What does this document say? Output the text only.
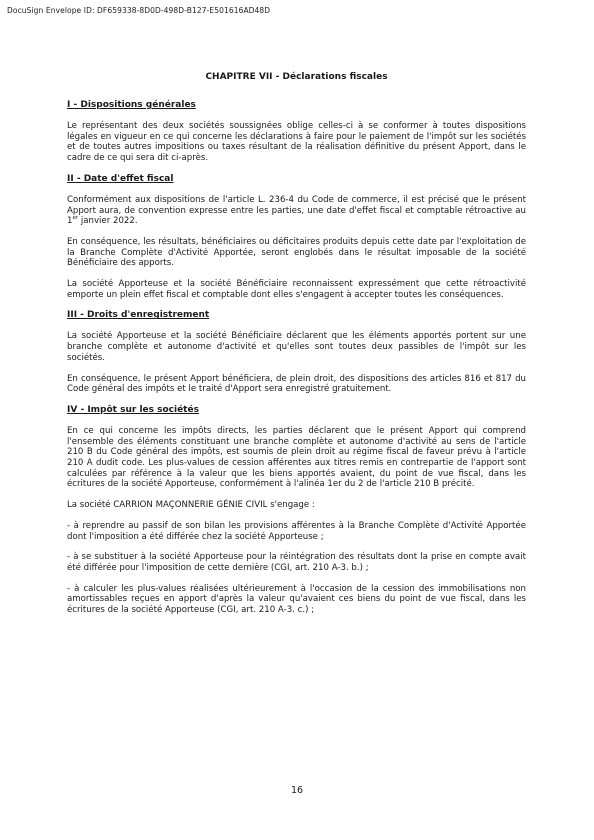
DocuSign Envelope ID: DF659338-8D0D-498D-B127-E501616AD48D
CHAPITRE VII - Déclarations fiscales
I - Dispositions générales

Le représentant des deux sociétés soussignées oblige celles-ci à se conformer à toutes dispositions légales en vigueur en ce qui concerne les déclarations à faire pour le paiement de l'impôt sur les sociétés et de toutes autres impositions ou taxes résultant de la réalisation définitive du présent Apport, dans le cadre de ce qui sera dit ci-après.

II - Date d'effet fiscal

Conformément aux dispositions de l'article L. 236-4 du Code de commerce, il est précisé que le présent Apport aura, de convention expresse entre les parties, une date d'effet fiscal et comptable rétroactive au 1er janvier 2022.

En conséquence, les résultats, bénéficiaires ou déficitaires produits depuis cette date par l'exploitation de la Branche Complète d'Activité Apportée, seront englobés dans le résultat imposable de la société Bénéficiaire des apports.

La société Apporteuse et la société Bénéficiaire reconnaissent expressément que cette rétroactivité emporte un plein effet fiscal et comptable dont elles s'engagent à accepter toutes les conséquences.

III - Droits d'enregistrement

La société Apporteuse et la société Bénéficiaire déclarent que les éléments apportés portent sur une branche complète et autonome d'activité et qu'elles sont toutes deux passibles de l'impôt sur les sociétés.

En conséquence, le présent Apport bénéficiera, de plein droit, des dispositions des articles 816 et 817 du Code général des impôts et le traité d'Apport sera enregistré gratuitement.

IV - Impôt sur les sociétés

En ce qui concerne les impôts directs, les parties déclarent que le présent Apport qui comprend l'ensemble des éléments constituant une branche complète et autonome d'activité au sens de l'article 210 B du Code général des impôts, est soumis de plein droit au régime fiscal de faveur prévu à l'article 210 A dudit code. Les plus-values de cession afférentes aux titres remis en contrepartie de l'apport sont calculées par référence à la valeur que les biens apportés avaient, du point de vue fiscal, dans les écritures de la société Apporteuse, conformément à l'alinéa 1er du 2 de l'article 210 B précité.

La société CARRION MAÇONNERIE GÉNIE CIVIL s'engage :

- à reprendre au passif de son bilan les provisions afférentes à la Branche Complète d'Activité Apportée dont l'imposition a été différée chez la société Apporteuse ;

- à se substituer à la société Apporteuse pour la réintégration des résultats dont la prise en compte avait été différée pour l'imposition de cette dernière (CGI, art. 210 A-3. b.) ;

- à calculer les plus-values réalisées ultérieurement à l'occasion de la cession des immobilisations non amortissables reçues en apport d'après la valeur qu'avaient ces biens du point de vue fiscal, dans les écritures de la société Apporteuse (CGI, art. 210 A-3. c.) ;

16
